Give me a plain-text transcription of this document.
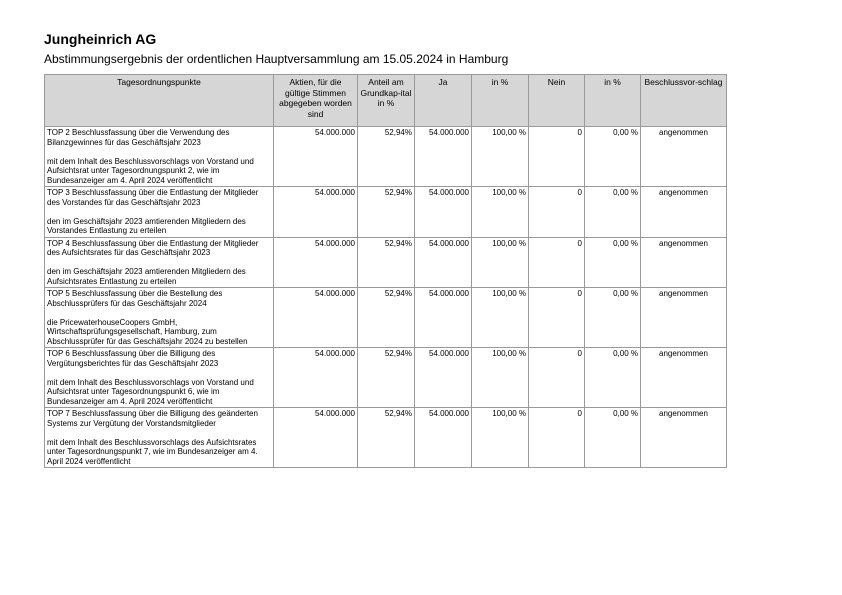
Jungheinrich AG
Abstimmungsergebnis der ordentlichen Hauptversammlung am 15.05.2024 in Hamburg
Tagesordnungspunkte	Aktien, für die gültige Stimmen abgegeben worden sind	Anteil am Grundkap-ital in %	Ja	in %	Nein	in %	Beschlussvor-schlag

TOP 2 Beschlussfassung über die Verwendung des Bilanzgewinnes für das Geschäftsjahr 2023
mit dem Inhalt des Beschlussvorschlags von Vorstand und Aufsichtsrat unter Tagesordnungspunkt 2, wie im Bundesanzeiger am 4. April 2024 veröffentlicht	54.000.000	52,94%	54.000.000	100,00 %	0	0,00 %	angenommen

TOP 3 Beschlussfassung über die Entlastung der Mitglieder des Vorstandes für das Geschäftsjahr 2023
den im Geschäftsjahr 2023 amtierenden Mitgliedern des Vorstandes Entlastung zu erteilen	54.000.000	52,94%	54.000.000	100,00 %	0	0,00 %	angenommen

TOP 4 Beschlussfassung über die Entlastung der Mitglieder des Aufsichtsrates für das Geschäftsjahr 2023
den im Geschäftsjahr 2023 amtierenden Mitgliedern des Aufsichtsrates Entlastung zu erteilen	54.000.000	52,94%	54.000.000	100,00 %	0	0,00 %	angenommen

TOP 5 Beschlussfassung über die Bestellung des Abschlussprüfers für das Geschäftsjahr 2024
die PricewaterhouseCoopers GmbH, Wirtschaftsprüfungsgesellschaft, Hamburg, zum Abschlussprüfer für das Geschäftsjahr 2024 zu bestellen	54.000.000	52,94%	54.000.000	100,00 %	0	0,00 %	angenommen

TOP 6 Beschlussfassung über die Billigung des Vergütungsberichtes für das Geschäftsjahr 2023
mit dem Inhalt des Beschlussvorschlags von Vorstand und Aufsichtsrat unter Tagesordnungspunkt 6, wie im Bundesanzeiger am 4. April 2024 veröffentlicht	54.000.000	52,94%	54.000.000	100,00 %	0	0,00 %	angenommen

TOP 7 Beschlussfassung über die Billigung des geänderten Systems zur Vergütung der Vorstandsmitglieder
mit dem Inhalt des Beschlussvorschlags des Aufsichtsrates unter Tagesordnungspunkt 7, wie im Bundesanzeiger am 4. April 2024 veröffentlicht	54.000.000	52,94%	54.000.000	100,00 %	0	0,00 %	angenommen
